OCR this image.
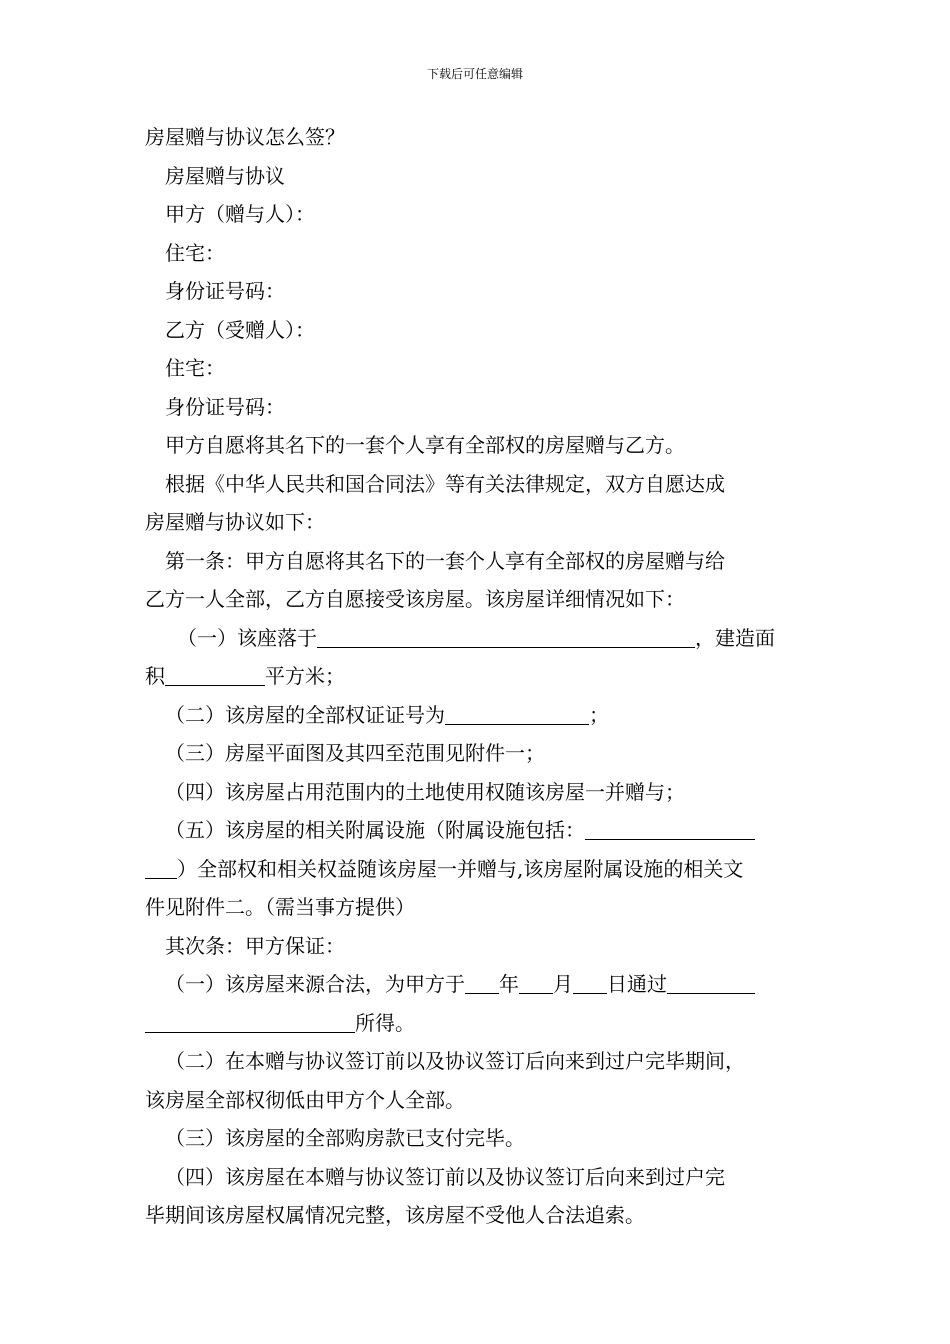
下载后可任意编辑
房屋赠与协议怎么签？
房屋赠与协议
甲方（赠与人）：
住宅：
身份证号码：
乙方（受赠人）：
住宅：
身份证号码：
甲方自愿将其名下的一套个人享有全部权的房屋赠与乙方。
根据《中华人民共和国合同法》等有关法律规定，双方自愿达成
房屋赠与协议如下：
第一条：甲方自愿将其名下的一套个人享有全部权的房屋赠与给
乙方一人全部，乙方自愿接受该房屋。该房屋详细情况如下：
（一）该座落于	，建造面
积	平方米；
（二）该房屋的全部权证证号为	；
（三）房屋平面图及其四至范围见附件一；
（四）该房屋占用范围内的土地使用权随该房屋一并赠与；
（五）该房屋的相关附属设施（附属设施包括：
）全部权和相关权益随该房屋一并赠与,该房屋附属设施的相关文
件见附件二。（需当事方提供）
其次条：甲方保证：
（一）该房屋来源合法，为甲方于 年 月 日通过
所得。
（二）在本赠与协议签订前以及协议签订后向来到过户完毕期间，
该房屋全部权彻低由甲方个人全部。
（三）该房屋的全部购房款已支付完毕。
（四）该房屋在本赠与协议签订前以及协议签订后向来到过户完
毕期间该房屋权属情况完整，该房屋不受他人合法追索。
